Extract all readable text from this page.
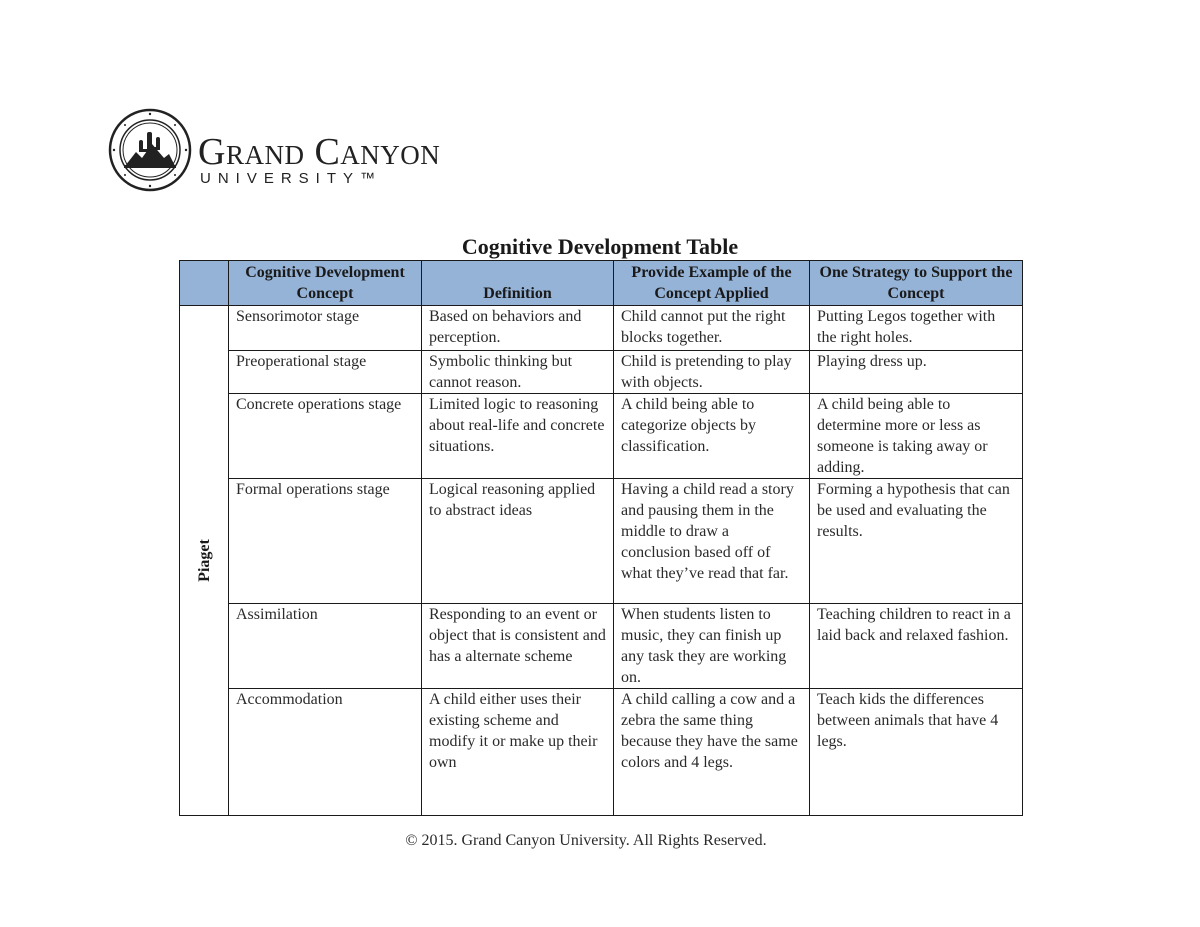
Grand Canyon
UNIVERSITY™
Cognitive Development Table
	Cognitive Development Concept	Definition	Provide Example of the Concept Applied	One Strategy to Support the Concept
Piaget	Sensorimotor stage	Based on behaviors and perception.	Child cannot put the right blocks together.	Putting Legos together with the right holes.
	Preoperational stage	Symbolic thinking but cannot reason.	Child is pretending to play with objects.	Playing dress up.
	Concrete operations stage	Limited logic to reasoning about real-life and concrete situations.	A child being able to categorize objects by classification.	A child being able to determine more or less as someone is taking away or adding.
	Formal operations stage	Logical reasoning applied to abstract ideas	Having a child read a story and pausing them in the middle to draw a conclusion based off of what they’ve read that far.	Forming a hypothesis that can be used and evaluating the results.
	Assimilation	Responding to an event or object that is consistent and has a alternate scheme	When students listen to music, they can finish up any task they are working on.	Teaching children to react in a laid back and relaxed fashion.
	Accommodation	A child either uses their existing scheme and modify it or make up their own	A child calling a cow and a zebra the same thing because they have the same colors and 4 legs.	Teach kids the differences between animals that have 4 legs.
© 2015. Grand Canyon University. All Rights Reserved.
